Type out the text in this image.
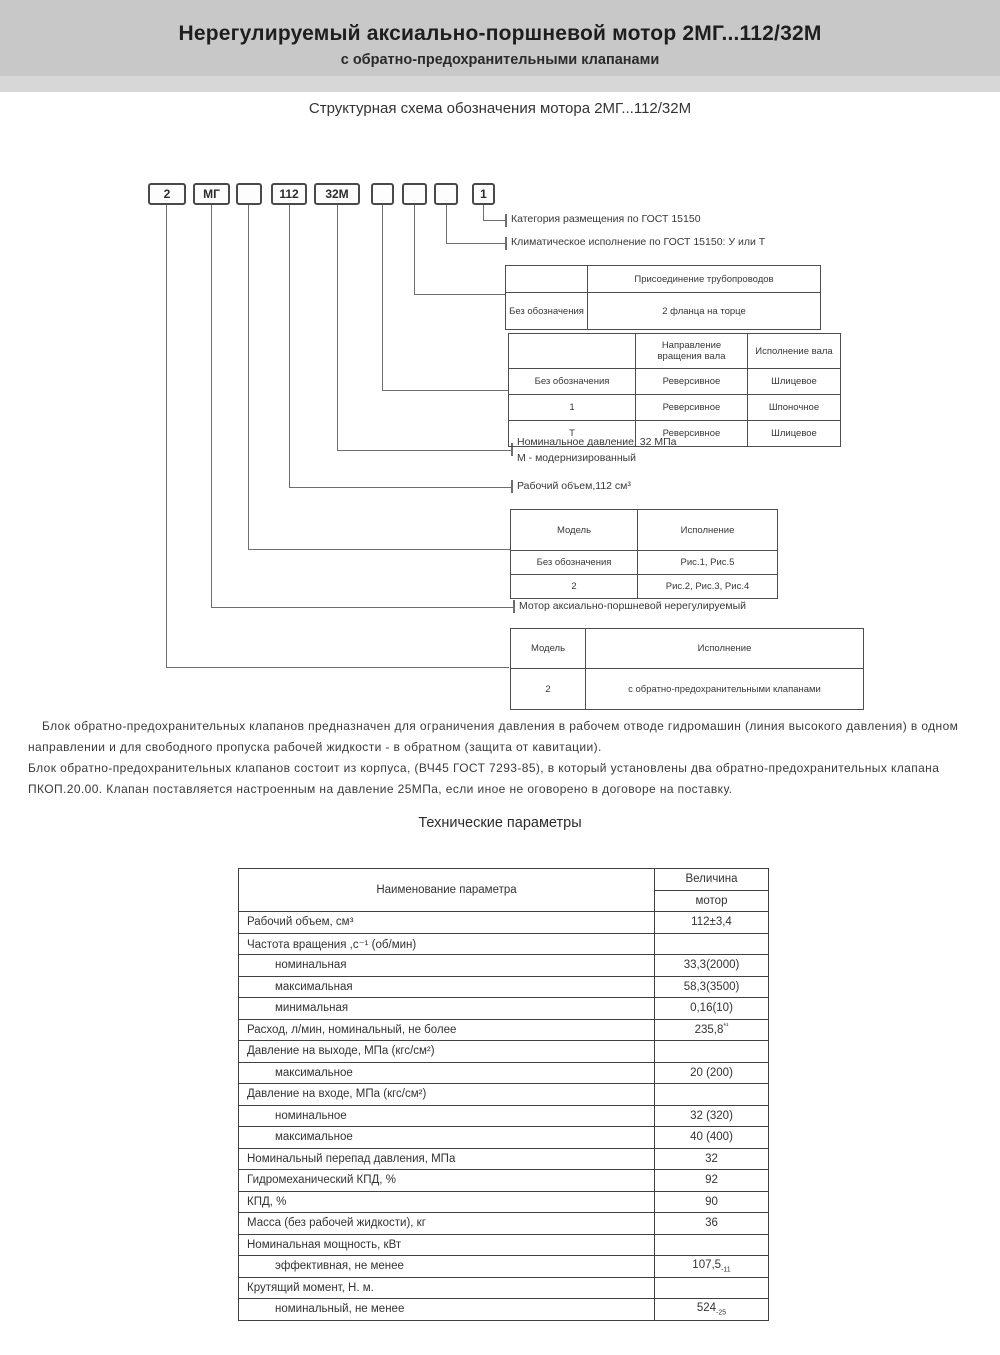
Нерегулируемый аксиально-поршневой мотор 2МГ...112/32М
с обратно-предохранительными клапанами
Структурная схема обозначения мотора 2МГ...112/32М
2	МГ	112	32М	1
Категория размещения по ГОСТ 15150
Климатическое исполнение по ГОСТ 15150: У или Т
Номинальное давление, 32 МПа
М - модернизированный
Рабочий объем,112 см³
Мотор аксиально-поршневой нерегулируемый
	Присоединение трубопроводов
Без обозначения	2 фланца на торце
	Направление вращения вала	Исполнение вала
Без обозначения	Реверсивное	Шлицевое
1	Реверсивное	Шпоночное
Т	Реверсивное	Шлицевое
Модель	Исполнение
Без обозначения	Рис.1, Рис.5
2	Рис.2, Рис.3, Рис.4
Модель	Исполнение
2	с обратно-предохранительными клапанами

Блок обратно-предохранительных клапанов предназначен для ограничения давления в рабочем отводе гидромашин (линия высокого давления) в одном направлении и для свободного пропуска рабочей жидкости - в обратном (защита от кавитации).

Блок обратно-предохранительных клапанов состоит из корпуса, (ВЧ45 ГОСТ 7293-85), в который установлены два обратно-предохранительных клапана ПКОП.20.00. Клапан поставляется настроенным на давление 25МПа, если иное не оговорено в договоре на поставку.

Технические параметры
Наименование параметра	Величина
	мотор
Рабочий объем, см³	112±3,4
Частота вращения ,с⁻¹ (об/мин)	
номинальная	33,3(2000)
максимальная	58,3(3500)
минимальная	0,16(10)
Расход, л/мин, номинальный, не более	$235,8^{*^1}$
Давление на выходе, МПа (кгс/см²)	
максимальное	20 (200)
Давление на входе, МПа (кгс/см²)	
номинальное	32 (320)
максимальное	40 (400)
Номинальный перепад давления, МПа	32
Гидромеханический КПД, %	92
КПД, %	90
Масса (без рабочей жидкости), кг	36
Номинальная мощность, кВт	
эффективная, не менее	$107,5_{-11}$
Крутящий момент, Н. м.	
номинальный, не менее	$524_{-25}$
